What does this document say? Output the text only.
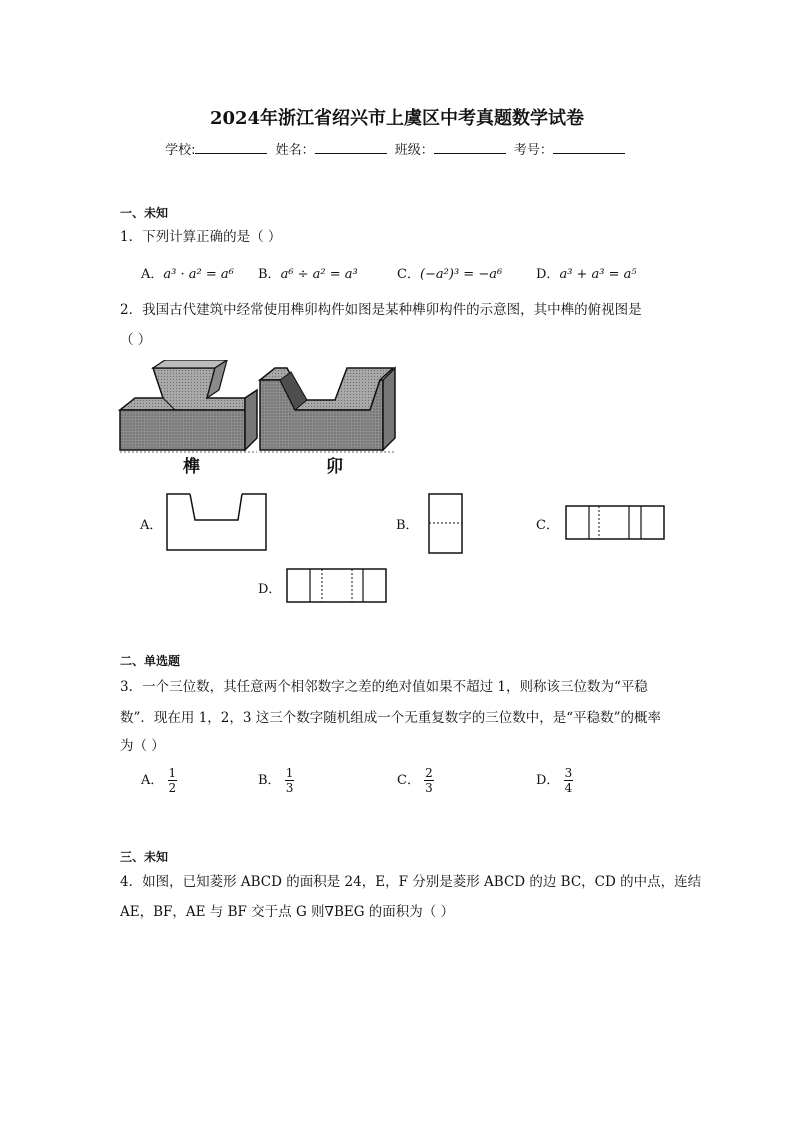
2024年浙江省绍兴市上虞区中考真题数学试卷
学校:	姓名：	班级：	考号：
一、未知
1．下列计算正确的是（ ）
A．a³ · a² = a⁶ B．a⁶ ÷ a² = a³	C．(−a²)³ = −a⁶	D．a³ + a³ = a⁵
2．我国古代建筑中经常使用榫卯构件如图是某种榫卯构件的示意图，其中榫的俯视图是
（ ）
榫	卯
A．	B．	C．
D．
二、单选题
3．一个三位数，其任意两个相邻数字之差的绝对值如果不超过 1，则称该三位数为“平稳
数”．现在用 1，2，3 这三个数字随机组成一个无重复数字的三位数中，是“平稳数”的概率
为（ ）
A． $\frac{1}{2}$	B． $\frac{1}{3}$	C． $\frac{2}{3}$	D． $\frac{3}{4}$
三、未知
4．如图，已知菱形 ABCD 的面积是 24，E，F 分别是菱形 ABCD 的边 BC，CD 的中点，连结
AE，BF，AE 与 BF 交于点 G 则∇BEG 的面积为（ ）
